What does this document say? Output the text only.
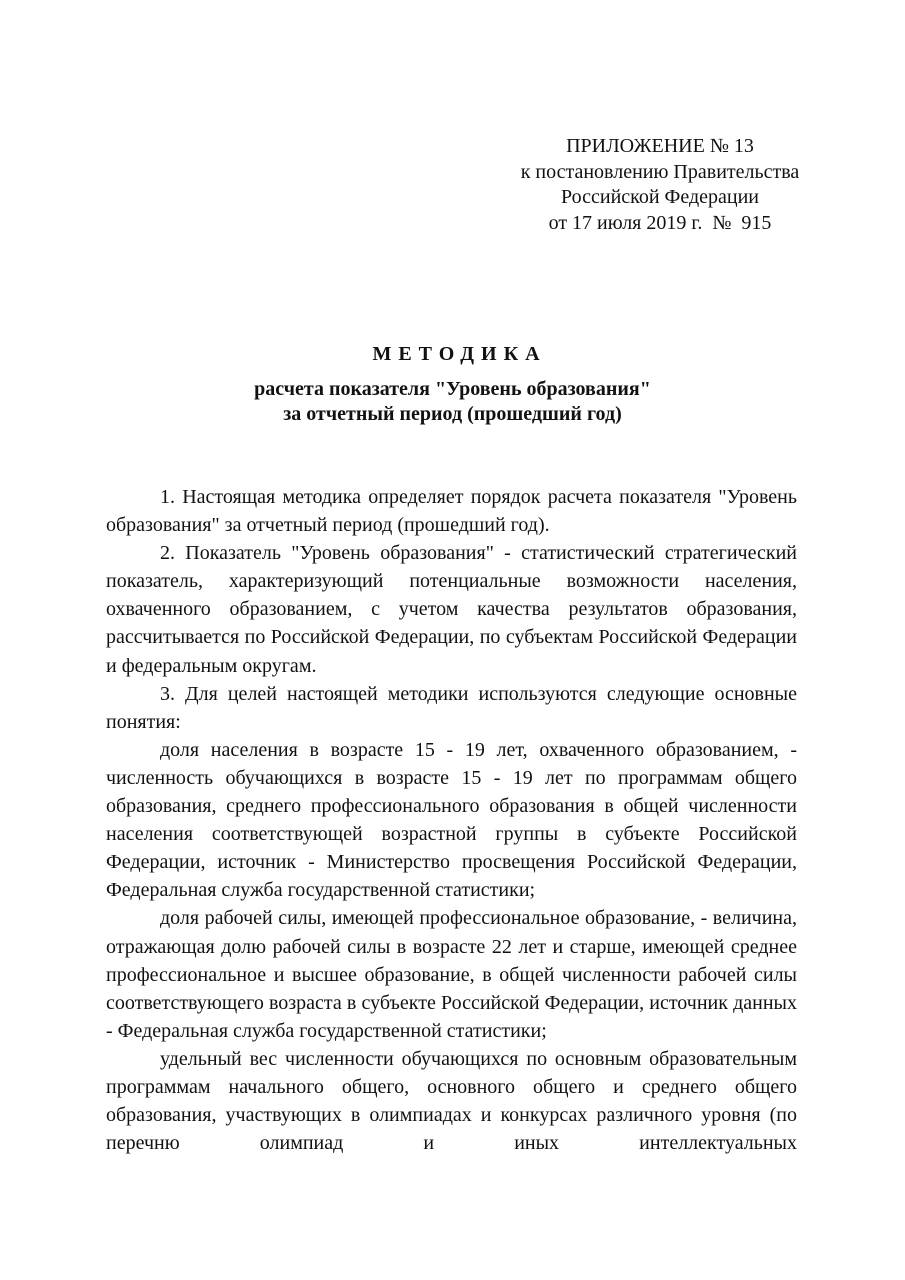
ПРИЛОЖЕНИЕ № 13
к постановлению Правительства
Российской Федерации
от 17 июля 2019 г.  №  915
МЕТОДИКА
расчета показателя "Уровень образования"
за отчетный период (прошедший год)

1. Настоящая методика определяет порядок расчета показателя "Уровень образования" за отчетный период (прошедший год).

2. Показатель "Уровень образования" - статистический стратегический показатель, характеризующий потенциальные возможности населения, охваченного образованием, с учетом качества результатов образования, рассчитывается по Российской Федерации, по субъектам Российской Федерации и федеральным округам.

3. Для целей настоящей методики используются следующие основные понятия:

доля населения в возрасте 15 - 19 лет, охваченного образованием, - численность обучающихся в возрасте 15 - 19 лет по программам общего образования, среднего профессионального образования в общей численности населения соответствующей возрастной группы в субъекте Российской Федерации, источник - Министерство просвещения Российской Федерации, Федеральная служба государственной статистики;

доля рабочей силы, имеющей профессиональное образование, - величина, отражающая долю рабочей силы в возрасте 22 лет и старше, имеющей среднее профессиональное и высшее образование, в общей численности рабочей силы соответствующего возраста в субъекте Российской Федерации, источник данных - Федеральная служба государственной статистики;

удельный вес численности обучающихся по основным образовательным программам начального общего, основного общего и среднего общего образования, участвующих в олимпиадах и конкурсах различного уровня (по перечню олимпиад и иных интеллектуальных
